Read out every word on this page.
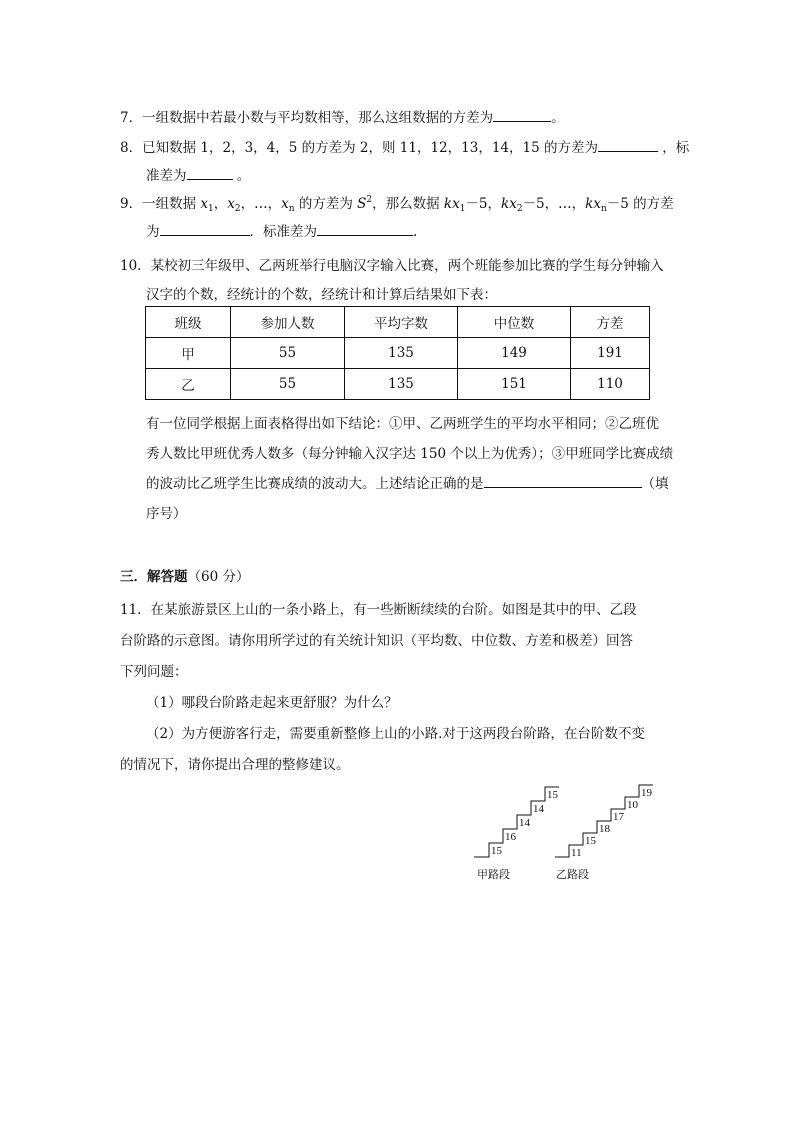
7．一组数据中若最小数与平均数相等，那么这组数据的方差为	。
8．已知数据 1，2，3，4，5 的方差为 2，则 11，12，13，14，15 的方差为	，标
准差为	。
9．一组数据 $x_1$，$x_2$，…，$x_n$ 的方差为 $S^2$，那么数据 $kx_1-5$，$kx_2-5$，…，$kx_n-5$ 的方差
为	．标准差为	.
10．某校初三年级甲、乙两班举行电脑汉字输入比赛，两个班能参加比赛的学生每分钟输入
汉字的个数，经统计的个数，经统计和计算后结果如下表：
班级	参加人数	平均字数	中位数	方差
甲	55	135	149	191
乙	55	135	151	110
有一位同学根据上面表格得出如下结论：①甲、乙两班学生的平均水平相同；②乙班优
秀人数比甲班优秀人数多（每分钟输入汉字达 150 个以上为优秀）；③甲班同学比赛成绩
的波动比乙班学生比赛成绩的波动大。上述结论正确的是	（填
序号）
三．解答题（60 分）
11．在某旅游景区上山的一条小路上，有一些断断续续的台阶。如图是其中的甲、乙段
台阶路的示意图。请你用所学过的有关统计知识（平均数、中位数、方差和极差）回答
下列问题：
（1）哪段台阶路走起来更舒服？为什么？
（2）为方便游客行走，需要重新整修上山的小路.对于这两段台阶路，在台阶数不变
的情况下，请你提出合理的整修建议。
15
16
14
14
15
11
15
18
17
10
19
甲路段	乙路段
